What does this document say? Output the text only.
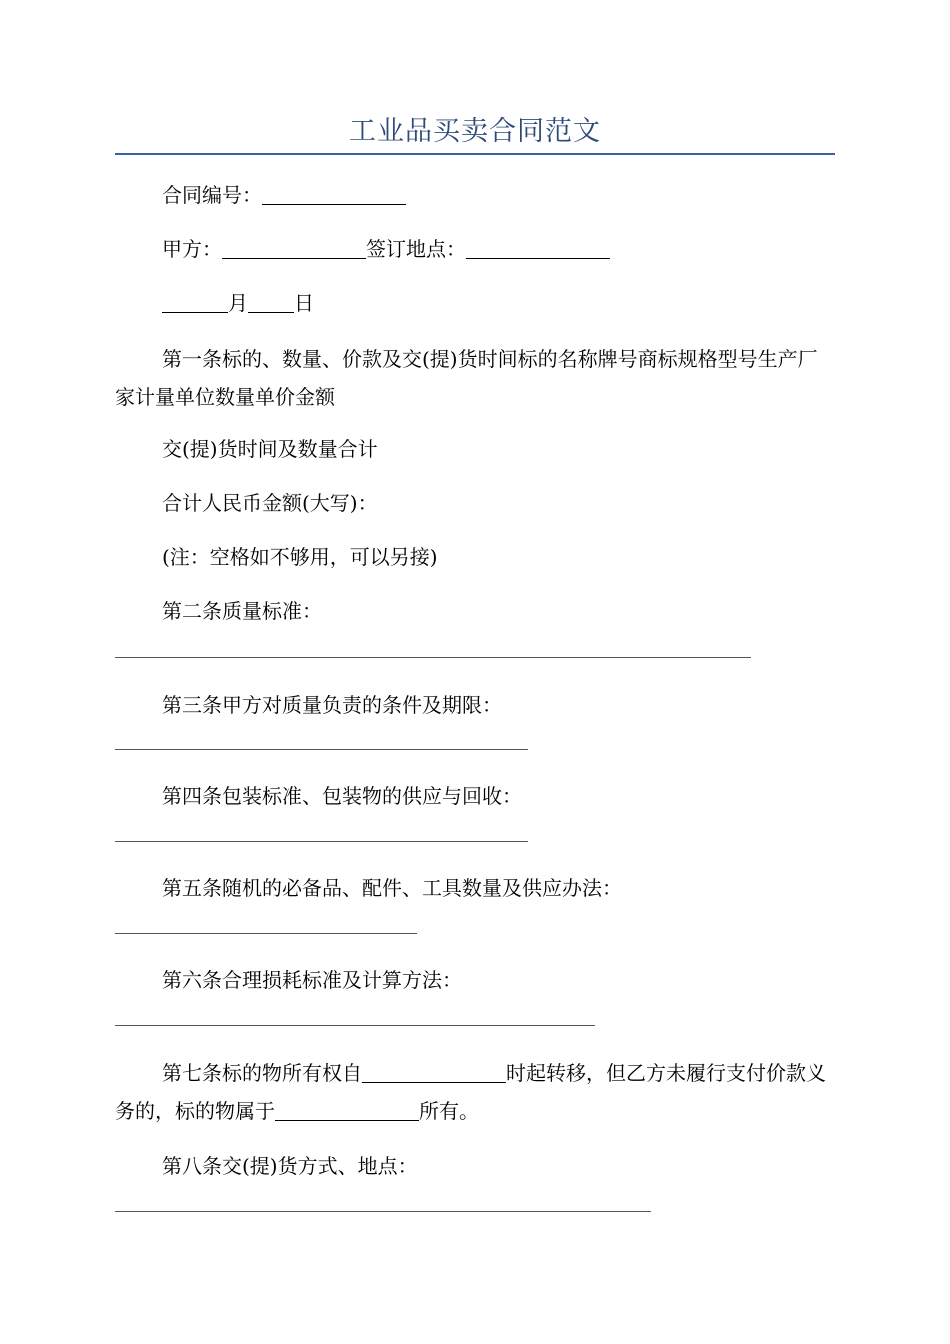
工业品买卖合同范文
合同编号：
甲方：	签订地点：
月 日
第一条标的、数量、价款及交(提)货时间标的名称牌号商标规格型号生产厂家计量单位数量单价金额
交(提)货时间及数量合计
合计人民币金额(大写)：
(注：空格如不够用，可以另接)
第二条质量标准：
第三条甲方对质量负责的条件及期限：
第四条包装标准、包装物的供应与回收：
第五条随机的必备品、配件、工具数量及供应办法：
第六条合理损耗标准及计算方法：
第七条标的物所有权自	时起转移，但乙方未履行支付价款义务的，标的物属于	所有。
第八条交(提)货方式、地点：
